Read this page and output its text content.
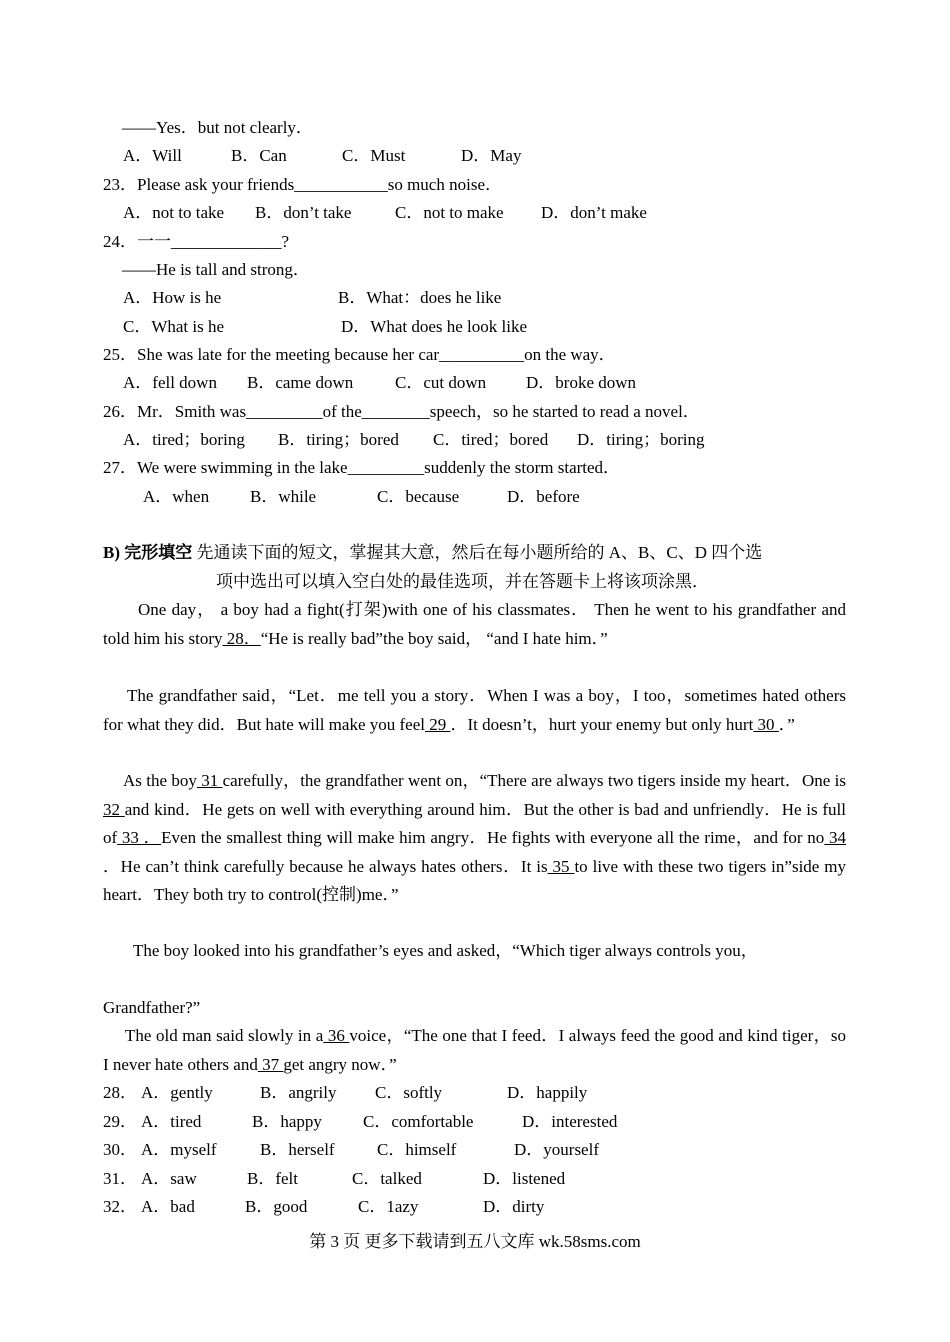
——Yes．but not clearly．
A．Will	B．Can	C．Must	D．May
23．Please ask your friends___________so much noise．
A．not to take B．don’t take	C．not to make D．don’t make
24．一一_____________?
——He is tall and strong．
A．How is he	B．What：does he like
C．What is he	D．What does he look like
25．She was late for the meeting because her car__________on the way．
A．fell down B．came down C．cut down D．broke down
26．Mr．Smith was_________of the________speech，so he started to read a novel．
A．tired；boring B．tiring；bored C．tired；bored D．tiring；boring
27．We were swimming in the lake_________suddenly the storm started．
A．when B．while	C．because	D．before
B) 完形填空 先通读下面的短文，掌握其大意，然后在每小题所给的 A、B、C、D 四个选
项中选出可以填入空白处的最佳选项，并在答题卡上将该项涂黑．
One day， a boy had a fight(打架)with one of his classmates． Then he went to his grandfather and told him his story 28．“He is really bad”the boy said， “and I hate him．”
The grandfather said，“Let．me tell you a story．When I was a boy，I too，sometimes hated others for what they did．But hate will make you feel 29 ．It doesn’t，hurt your enemy but only hurt 30 ．”
As the boy 31 carefully，the grandfather went on，“There are always two tigers inside my heart．One is 32 and kind．He gets on well with everything around him．But the other is bad and unfriendly．He is full of 33 ．Even the smallest thing will make him angry．He fights with everyone all the rime，and for no 34 ．He can’t think carefully because he always hates others．It is 35 to live with these two tigers in”side my heart．They both try to control(控制)me．”
The boy looked into his grandfather’s eyes and asked，“Which tiger always controls you，
Grandfather?”
The old man said slowly in a 36 voice，“The one that I feed．I always feed the good and kind tiger，so I never hate others and 37 get angry now．”
28． A．gently	B．angrily C．softly	D．happily
29． A．tired	B．happy C．comfortable	D．interested
30． A．myself	B．herself C．himself	D．yourself
31． A．saw	B．felt	C．talked	D．listened
32． A．bad	B．good	C．1azy	D．dirty
第 3 页 更多下载请到五八文库 wk.58sms.com
